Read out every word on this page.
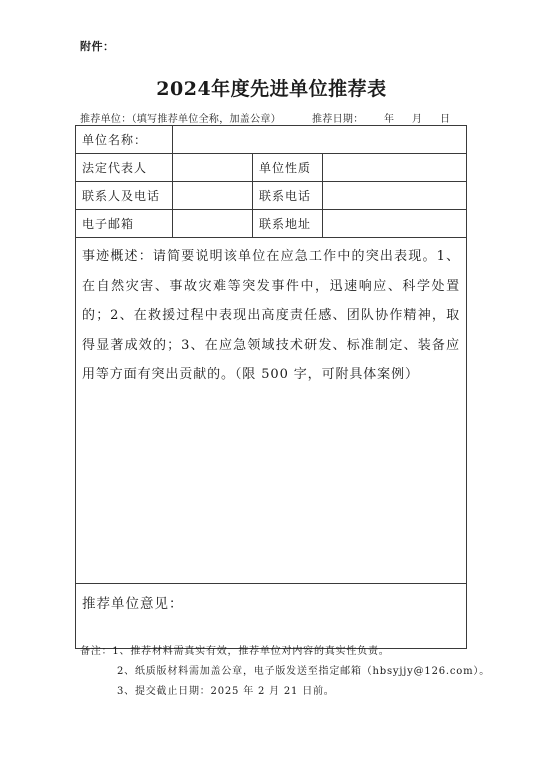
附件：
2024年度先进单位推荐表
推荐单位：（填写推荐单位全称，加盖公章）	推荐日期： 年 月 日
单位名称：			
法定代表人		单位性质	
联系人及电话		联系电话	
电子邮箱		联系地址	
事迹概述：请简要说明该单位在应急工作中的突出表现。1、在自然灾害、事故灾难等突发事件中，迅速响应、科学处置的；2、在救援过程中表现出高度责任感、团队协作精神，取得显著成效的；3、在应急领域技术研发、标准制定、装备应用等方面有突出贡献的。（限 500 字，可附具体案例）			
推荐单位意见：			
备注：1、推荐材料需真实有效，推荐单位对内容的真实性负责。
2、纸质版材料需加盖公章，电子版发送至指定邮箱（hbsyjjy@126.com）。
3、提交截止日期：2025 年 2 月 21 日前。
